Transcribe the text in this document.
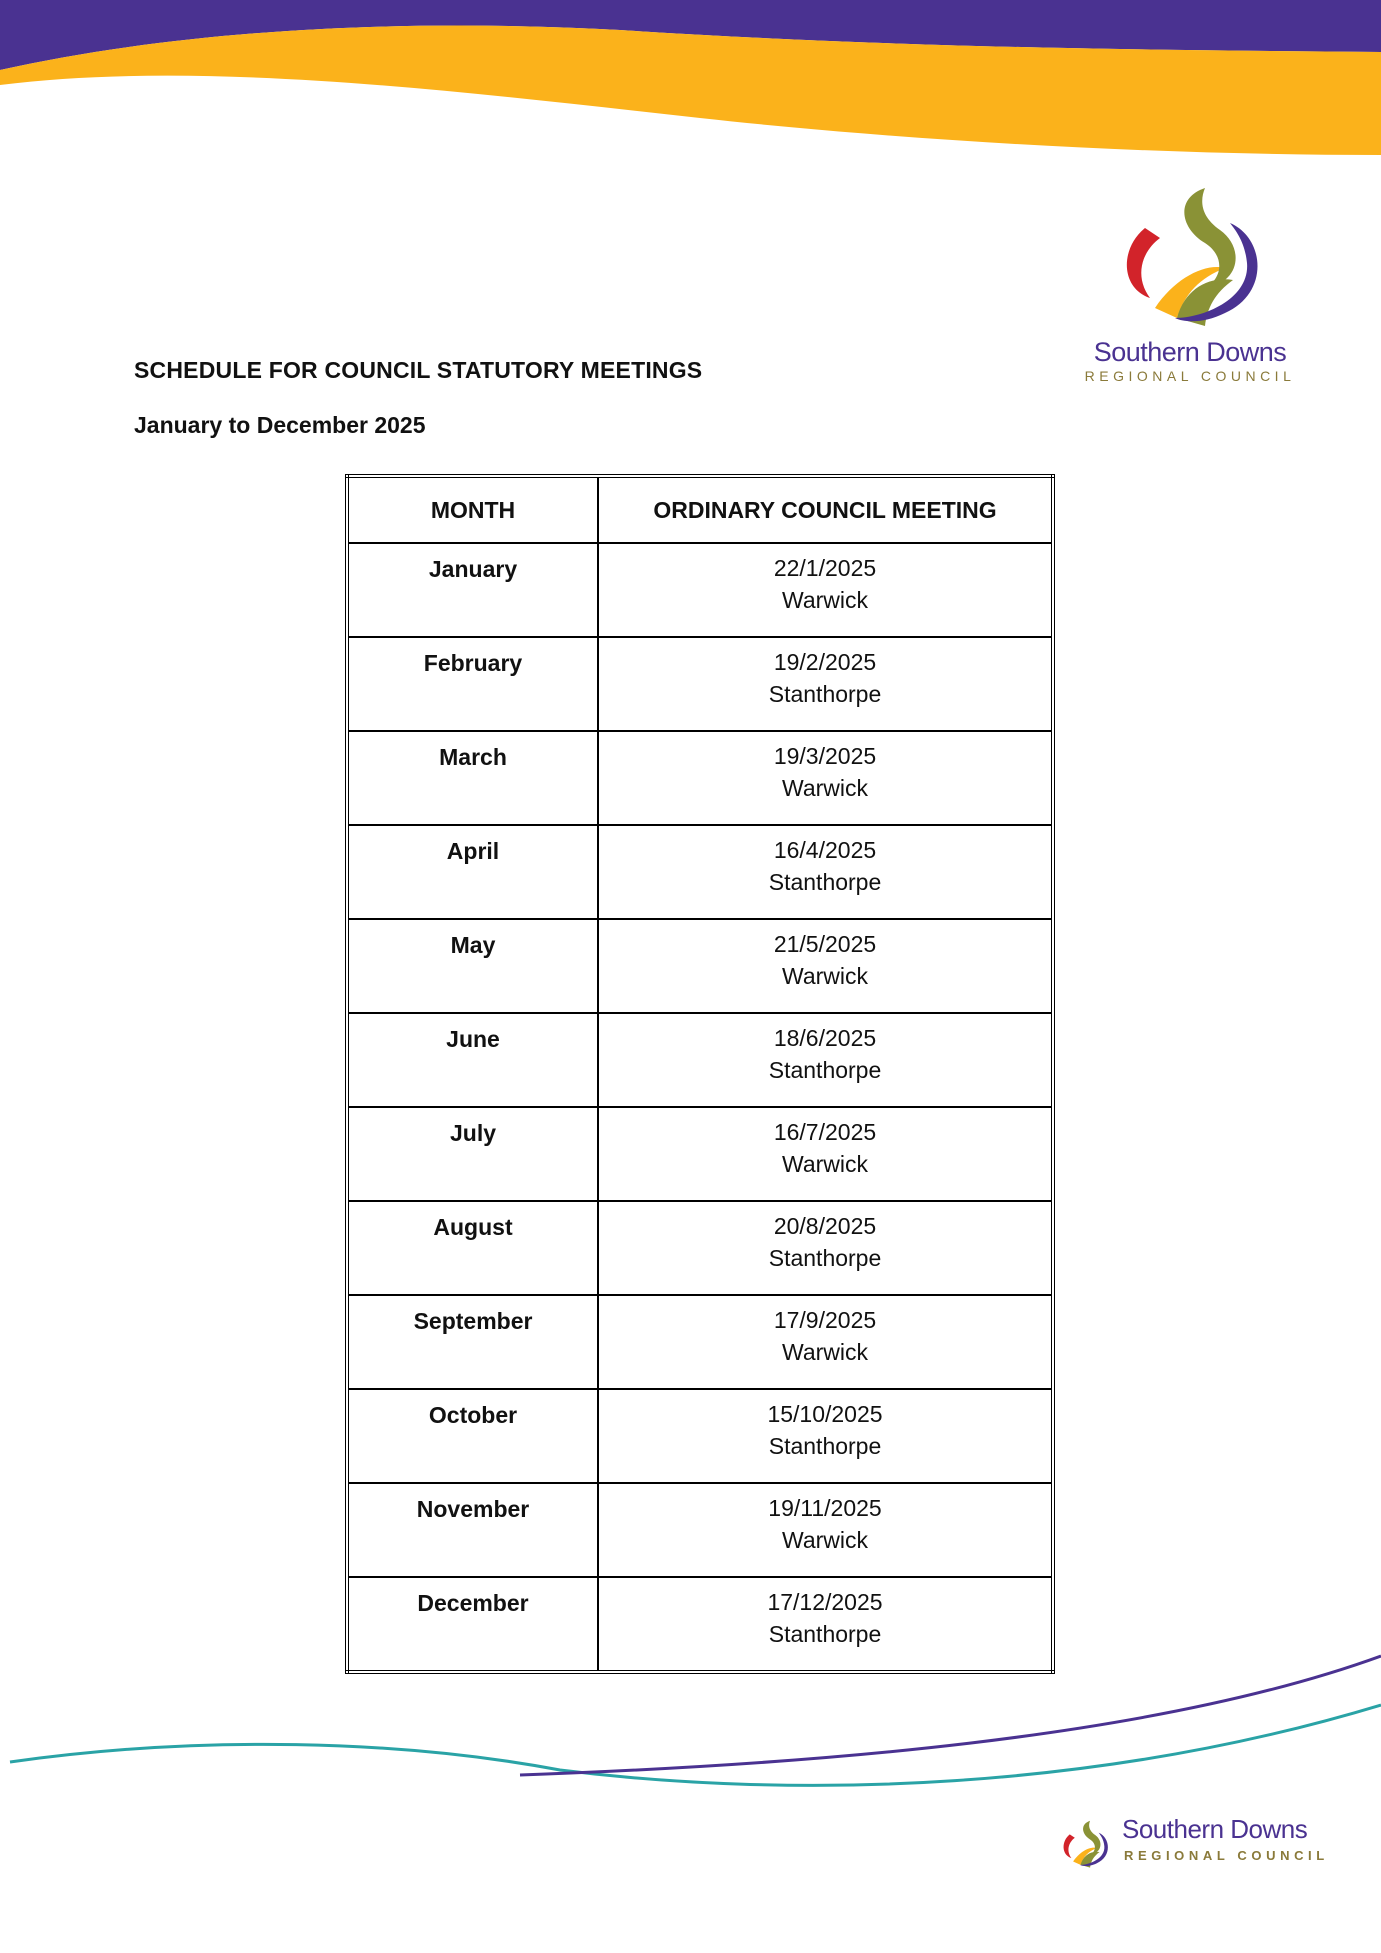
Southern Downs
REGIONAL COUNCIL
SCHEDULE FOR COUNCIL STATUTORY MEETINGS
January to December 2025
MONTH	ORDINARY COUNCIL MEETING
January	22/1/2025
Warwick

February	19/2/2025
Stanthorpe

March	19/3/2025
Warwick

April	16/4/2025
Stanthorpe

May	21/5/2025
Warwick

June	18/6/2025
Stanthorpe

July	16/7/2025
Warwick

August	20/8/2025
Stanthorpe

September	17/9/2025
Warwick

October	15/10/2025
Stanthorpe

November	19/11/2025
Warwick

December	17/12/2025
Stanthorpe
Southern Downs
REGIONAL COUNCIL
